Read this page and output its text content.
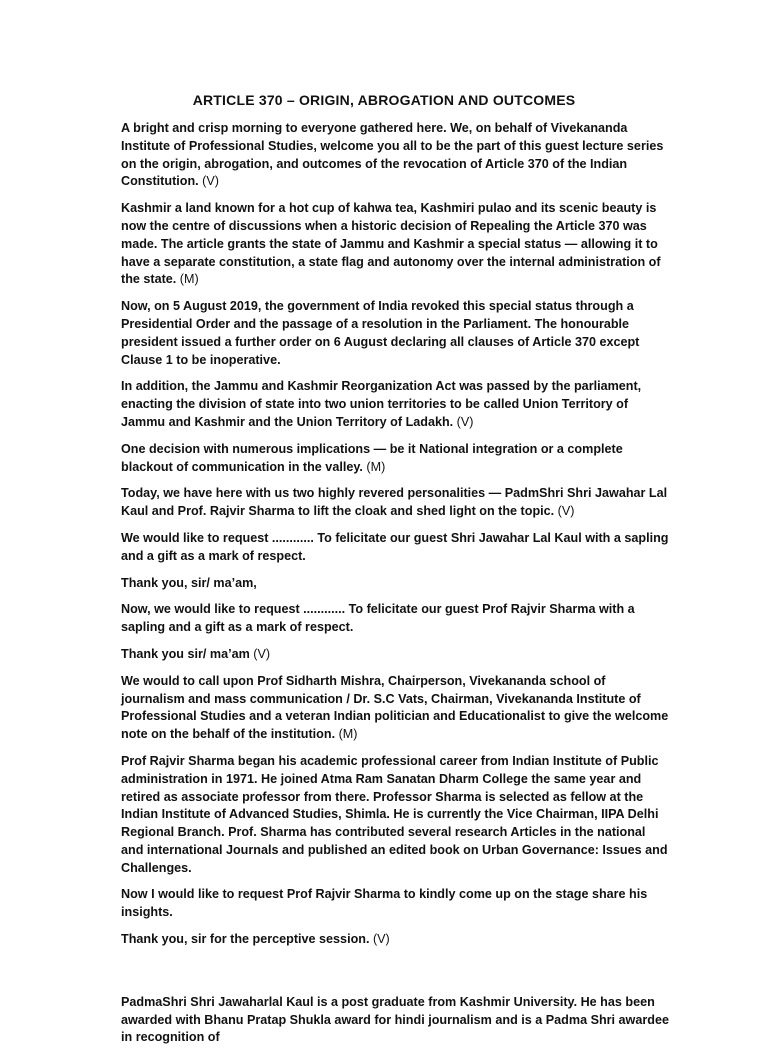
ARTICLE 370 – ORIGIN, ABROGATION AND OUTCOMES

A bright and crisp morning to everyone gathered here. We, on behalf of Vivekananda Institute of Professional Studies, welcome you all to be the part of this guest lecture series on the origin, abrogation, and outcomes of the revocation of Article 370 of the Indian Constitution. (V)

Kashmir a land known for a hot cup of kahwa tea, Kashmiri pulao and its scenic beauty is now the centre of discussions when a historic decision of Repealing the Article 370 was made. The article grants the state of Jammu and Kashmir a special status — allowing it to have a separate constitution, a state flag and autonomy over the internal administration of the state. (M)

Now, on 5 August 2019, the government of India revoked this special status through a Presidential Order and the passage of a resolution in the Parliament. The honourable president issued a further order on 6 August declaring all clauses of Article 370 except Clause 1 to be inoperative.

In addition, the Jammu and Kashmir Reorganization Act was passed by the parliament, enacting the division of state into two union territories to be called Union Territory of Jammu and Kashmir and the Union Territory of Ladakh. (V)

One decision with numerous implications — be it National integration or a complete blackout of communication in the valley. (M)

Today, we have here with us two highly revered personalities — PadmShri Shri Jawahar Lal Kaul and Prof. Rajvir Sharma to lift the cloak and shed light on the topic. (V)

We would like to request ............ To felicitate our guest Shri Jawahar Lal Kaul with a sapling and a gift as a mark of respect.

Thank you, sir/ ma’am,

Now, we would like to request ............ To felicitate our guest Prof Rajvir Sharma with a sapling and a gift as a mark of respect.

Thank you sir/ ma’am (V)

We would to call upon Prof Sidharth Mishra, Chairperson, Vivekananda school of journalism and mass communication / Dr. S.C Vats, Chairman, Vivekananda Institute of Professional Studies and a veteran Indian politician and Educationalist to give the welcome note on the behalf of the institution. (M)

Prof Rajvir Sharma began his academic professional career from Indian Institute of Public administration in 1971. He joined Atma Ram Sanatan Dharm College the same year and retired as associate professor from there. Professor Sharma is selected as fellow at the Indian Institute of Advanced Studies, Shimla. He is currently the Vice Chairman, IIPA Delhi Regional Branch. Prof. Sharma has contributed several research Articles in the national and international Journals and published an edited book on Urban Governance: Issues and Challenges.

Now I would like to request Prof Rajvir Sharma to kindly come up on the stage share his insights.

Thank you, sir for the perceptive session. (V)

PadmaShri Shri Jawaharlal Kaul is a post graduate from Kashmir University. He has been awarded with Bhanu Pratap Shukla award for hindi journalism and is a Padma Shri awardee in recognition of
